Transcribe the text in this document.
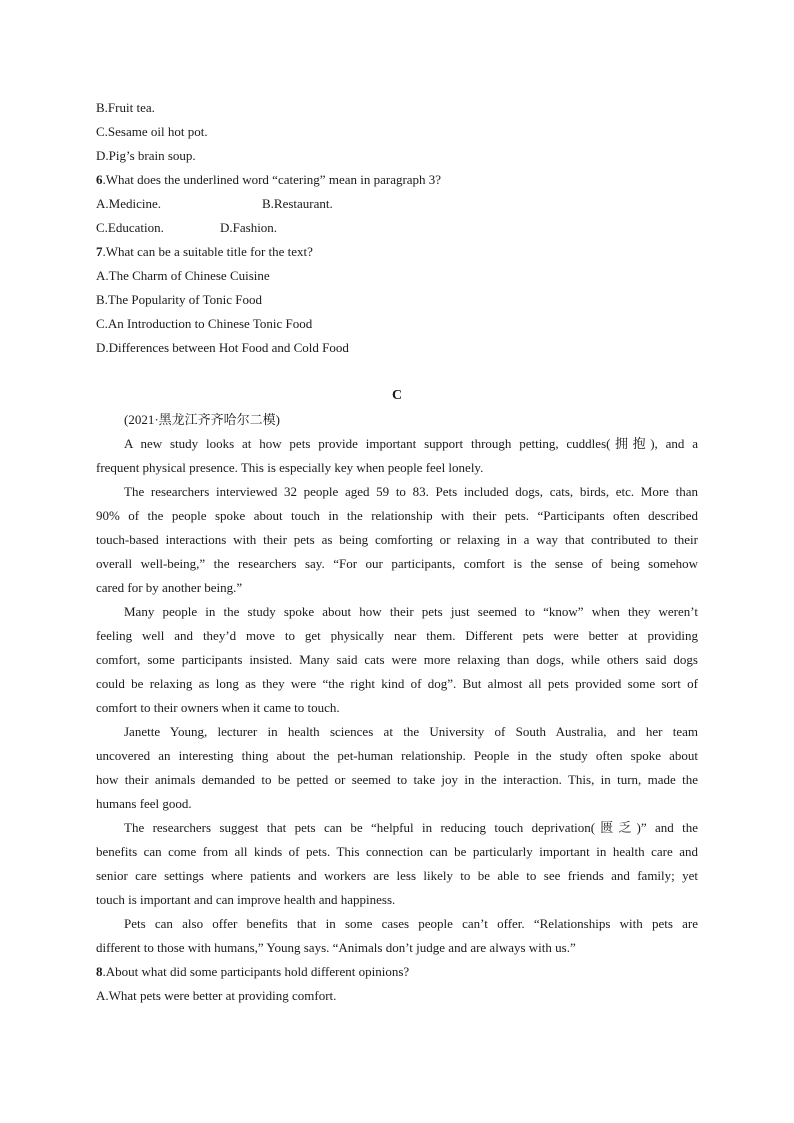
B.Fruit tea.
C.Sesame oil hot pot.
D.Pig’s brain soup.
6.What does the underlined word “catering” mean in paragraph 3?
A.Medicine.	B.Restaurant.
C.Education.	D.Fashion.
7.What can be a suitable title for the text?
A.The Charm of Chinese Cuisine
B.The Popularity of Tonic Food
C.An Introduction to Chinese Tonic Food
D.Differences between Hot Food and Cold Food
C
(2021·黑龙江齐齐哈尔二模)
A new study looks at how pets provide important support through petting, cuddles(拥抱), and a
frequent physical presence. This is especially key when people feel lonely.
The researchers interviewed 32 people aged 59 to 83. Pets included dogs, cats, birds, etc. More than
90% of the people spoke about touch in the relationship with their pets. “Participants often described
touch-based interactions with their pets as being comforting or relaxing in a way that contributed to their
overall well-being,” the researchers say. “For our participants, comfort is the sense of being somehow
cared for by another being.”
Many people in the study spoke about how their pets just seemed to “know” when they weren’t
feeling well and they’d move to get physically near them. Different pets were better at providing
comfort, some participants insisted. Many said cats were more relaxing than dogs, while others said dogs
could be relaxing as long as they were “the right kind of dog”. But almost all pets provided some sort of
comfort to their owners when it came to touch.
Janette Young, lecturer in health sciences at the University of South Australia, and her team
uncovered an interesting thing about the pet-human relationship. People in the study often spoke about
how their animals demanded to be petted or seemed to take joy in the interaction. This, in turn, made the
humans feel good.
The researchers suggest that pets can be “helpful in reducing touch deprivation(匮乏)” and the
benefits can come from all kinds of pets. This connection can be particularly important in health care and
senior care settings where patients and workers are less likely to be able to see friends and family; yet
touch is important and can improve health and happiness.
Pets can also offer benefits that in some cases people can’t offer. “Relationships with pets are
different to those with humans,” Young says. “Animals don’t judge and are always with us.”
8.About what did some participants hold different opinions?
A.What pets were better at providing comfort.
